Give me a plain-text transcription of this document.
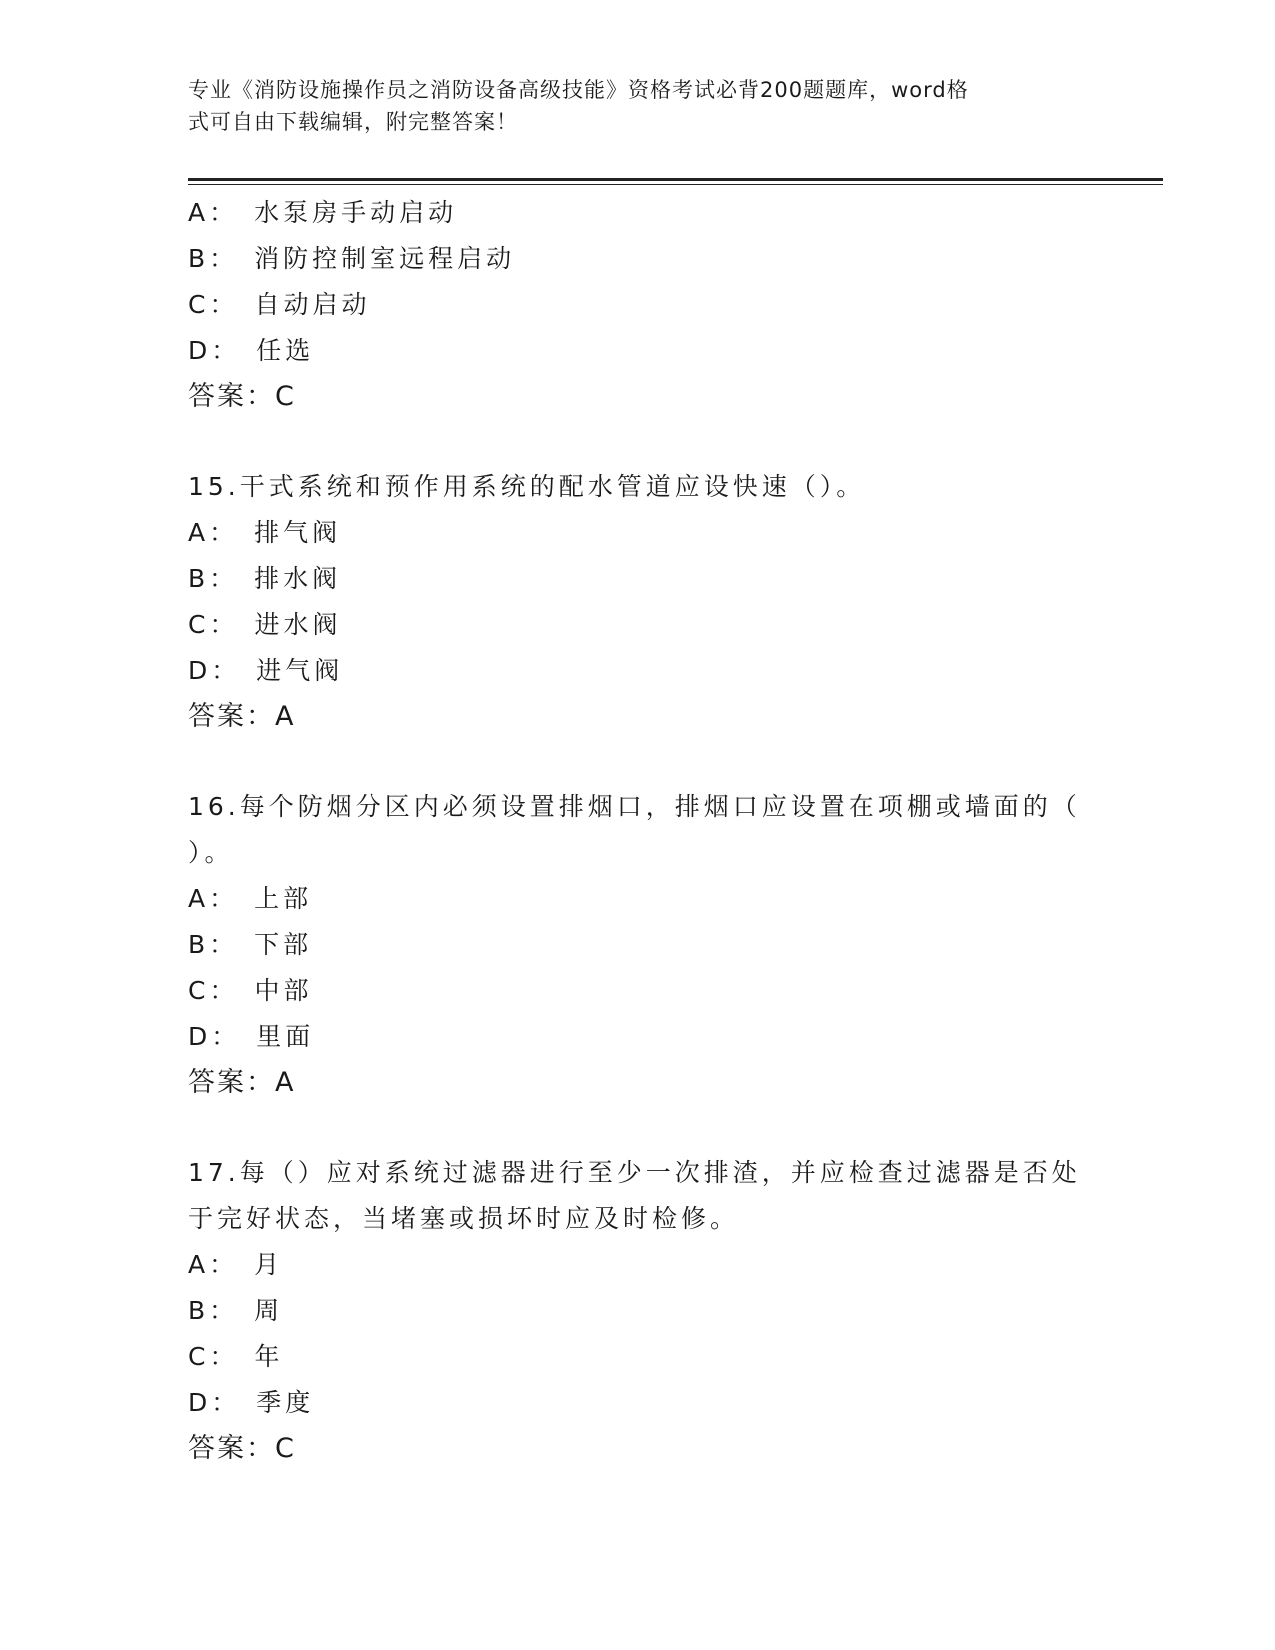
专业《消防设施操作员之消防设备高级技能》资格考试必背200题题库，word格
式可自由下载编辑，附完整答案！
A： 水泵房手动启动
B： 消防控制室远程启动
C： 自动启动
D： 任选
答案：C
15.干式系统和预作用系统的配水管道应设快速（）。
A： 排气阀
B： 排水阀
C： 进水阀
D： 进气阀
答案：A
16.每个防烟分区内必须设置排烟口，排烟口应设置在项棚或墙面的（
）。
A： 上部
B： 下部
C： 中部
D： 里面
答案：A
17.每（）应对系统过滤器进行至少一次排渣，并应检查过滤器是否处
于完好状态，当堵塞或损坏时应及时检修。
A： 月
B： 周
C： 年
D： 季度
答案：C
